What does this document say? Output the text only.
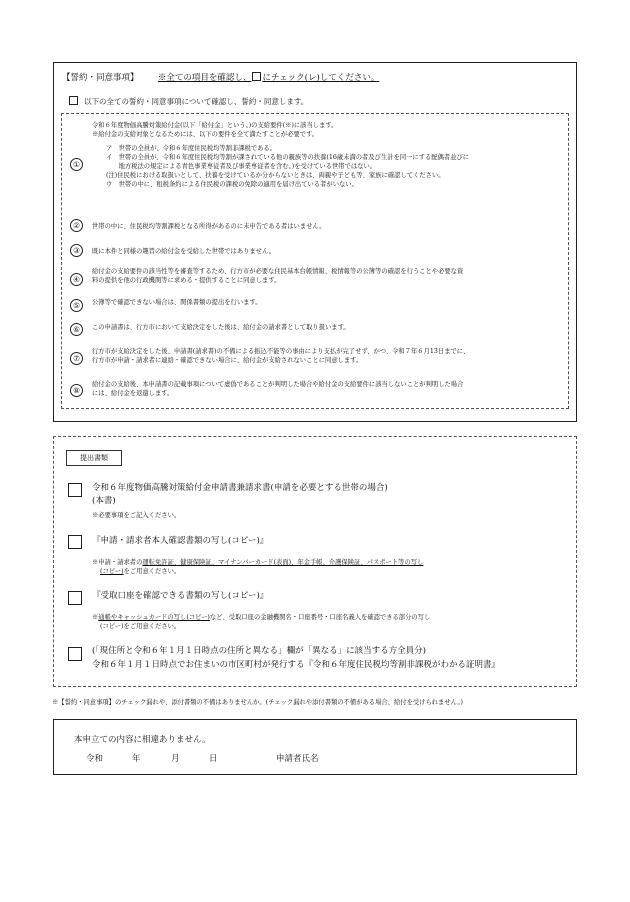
【誓約・同意事項】 ※全ての項目を確認し、 にチェック(レ)してください。
以下の全ての誓約・同意事項について確認し、誓約・同意します。
①
令和６年度物価高騰対策給付金(以下「給付金」という。)の支給要件(※)に該当します。
※給付金の支給対象となるためには、以下の要件を全て満たすことが必要です。
ア　世帯の全員が、令和６年度住民税均等割非課税である。
イ　世帯の全員が、令和６年度住民税均等割が課されている他の親族等の扶養(16歳未満の者及び生計を同一にする配偶者並びに
　　地方税法の規定による青色事業専従者及び事業専従者を含む。)を受けている世帯ではない。
(注)住民税における取扱いとして、扶養を受けているか分からないときは、両親や子ども等、家族に確認してください。
ウ　世帯の中に、租税条約による住民税の課税の免除の適用を届け出ている者がいない。
②	世帯の中に、住民税均等割課税となる所得があるのに未申告である者はいません。
③	既に本件と同様の趣旨の給付金を受給した世帯ではありません。
④
給付金の支給要件の該当性等を審査等するため、行方市が必要な住民基本台帳情報、税情報等の公簿等の確認を行うことや必要な資
料の提供を他の行政機関等に求める・提供することに同意します。
⑤	公簿等で確認できない場合は、関係書類の提出を行います。
⑥	この申請書は、行方市において支給決定をした後は、給付金の請求書として取り扱います。
⑦
行方市が支給決定をした後、申請書(請求書)の不備による振込不能等の事由により支払が完了せず、かつ、令和７年６月13日までに、
行方市が申請・請求者に連絡・確認できない場合に、給付金が支給されないことに同意します。
⑧
給付金の支給後、本申請書の記載事項について虚偽であることが判明した場合や給付金の支給要件に該当しないことが判明した場合
には、給付金を返還します。
提出書類
令和６年度物価高騰対策給付金申請書兼請求書(申請を必要とする世帯の場合)
(本書)
※必要事項をご記入ください。
『申請・請求者本人確認書類の写し(コピー)』
※申請・請求者の運転免許証、健康保険証、マイナンバーカード(表面)、年金手帳、介護保険証、パスポート等の写し
(コピー)をご用意ください。
『受取口座を確認できる書類の写し(コピー)』
※通帳やキャッシュカードの写し(コピー)など、受取口座の金融機関名・口座番号・口座名義人を確認できる部分の写し
(コピー)をご用意ください。
(「現住所と令和６年１月１日時点の住所と異なる」欄が「異なる」に該当する方全員分)
令和６年１月１日時点でお住まいの市区町村が発行する『令和６年度住民税均等割非課税がわかる証明書』
※【誓約・同意事項】のチェック漏れや、添付書類の不備はありませんか。(チェック漏れや添付書類の不備がある場合、給付を受けられません。)
本申立ての内容に相違ありません。
令和	年	月	日	申請者氏名
